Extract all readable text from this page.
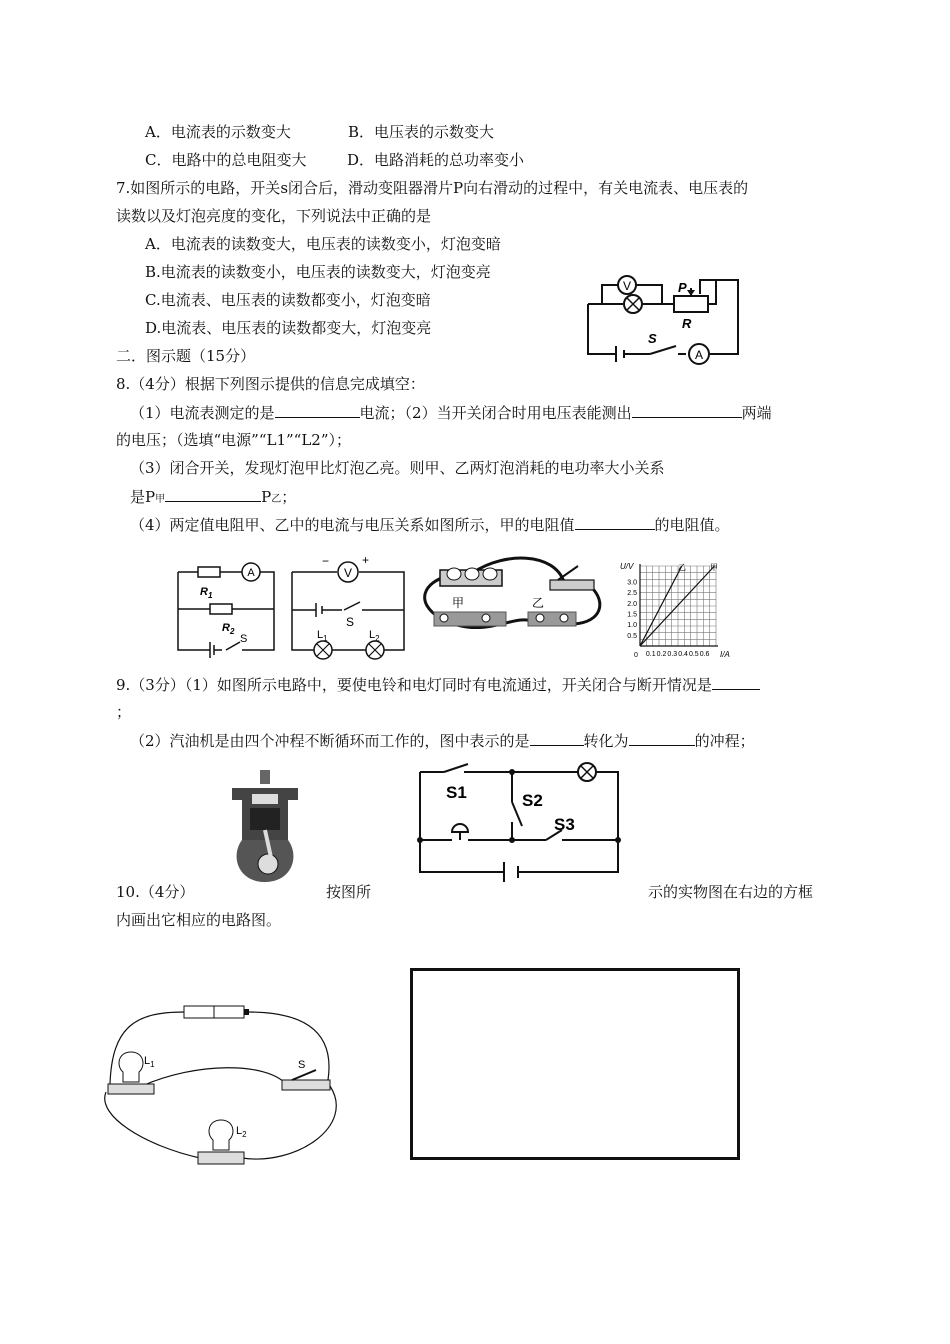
A．电流表的示数变大	B．电压表的示数变大
C．电路中的总电阻变大	D．电路消耗的总功率变小
7.如图所示的电路，开关s闭合后，滑动变阻器滑片P向右滑动的过程中，有关电流表、电压表的
读数以及灯泡亮度的变化，下列说法中正确的是
A．电流表的读数变大，电压表的读数变小，灯泡变暗
B.电流表的读数变小，电压表的读数变大，灯泡变亮
C.电流表、电压表的读数都变小，灯泡变暗
D.电流表、电压表的读数都变大，灯泡变亮
V
A
P
R
S
二．图示题（15分）
8.（4分）根据下列图示提供的信息完成填空：
（1）电流表测定的是	电流；（2）当开关闭合时用电压表能测出	两端
的电压；（选填“电源”“L1”“L2”）；
（3）闭合开关，发现灯泡甲比灯泡乙亮。则甲、乙两灯泡消耗的电功率大小关系
是P甲	P乙；
（4）两定值电阻甲、乙中的电流与电压关系如图所示，甲的电阻值	的电阻值。
A
$R_1$
$R_2$
S
V
−	+
S
$L_1$	$L_2$
甲	乙
3.0
2.5
2.0
1.5
1.0
0.5
0.1 0.2 0.3 0.4 0.5 0.6
U/V
I/A
0
乙	甲
9.（3分）（1）如图所示电路中，要使电铃和电灯同时有电流通过，开关闭合与断开情况是
；
（2）汽油机是由四个冲程不断循环而工作的，图中表示的是	转化为	的冲程；
S1	S2
S3
10.（4分）	按图所	示的实物图在右边的方框
内画出它相应的电路图。
$L_1$
$L_2$
S
